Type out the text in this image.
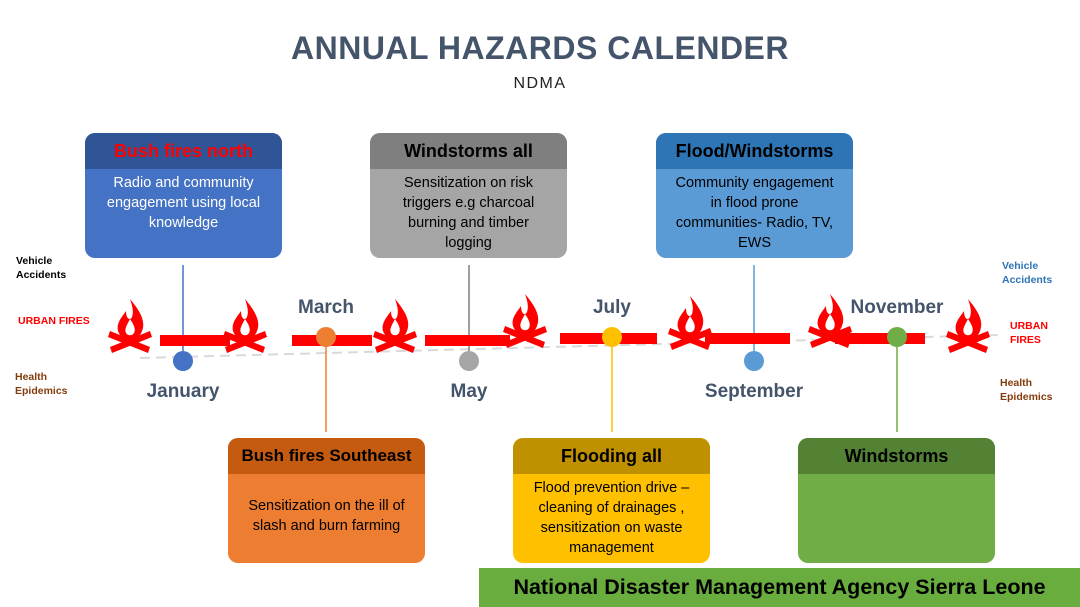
ANNUAL HAZARDS CALENDER
NDMA
January
March
May
July
September
November
Bush fires north
Radio and community
engagement using local
knowledge
Windstorms all
Sensitization on risk
triggers e.g charcoal
burning and timber
logging
Flood/Windstorms
Community engagement
in flood prone
communities- Radio, TV,
EWS
Bush fires Southeast
Sensitization on the ill of
slash and burn farming
Flooding all
Flood prevention drive –
cleaning of drainages ,
sensitization on waste
management
Windstorms
Vehicle
Accidents
URBAN FIRES
Health
Epidemics
Vehicle
Accidents
URBAN FIRES
Health
Epidemics
National Disaster Management Agency Sierra Leone
